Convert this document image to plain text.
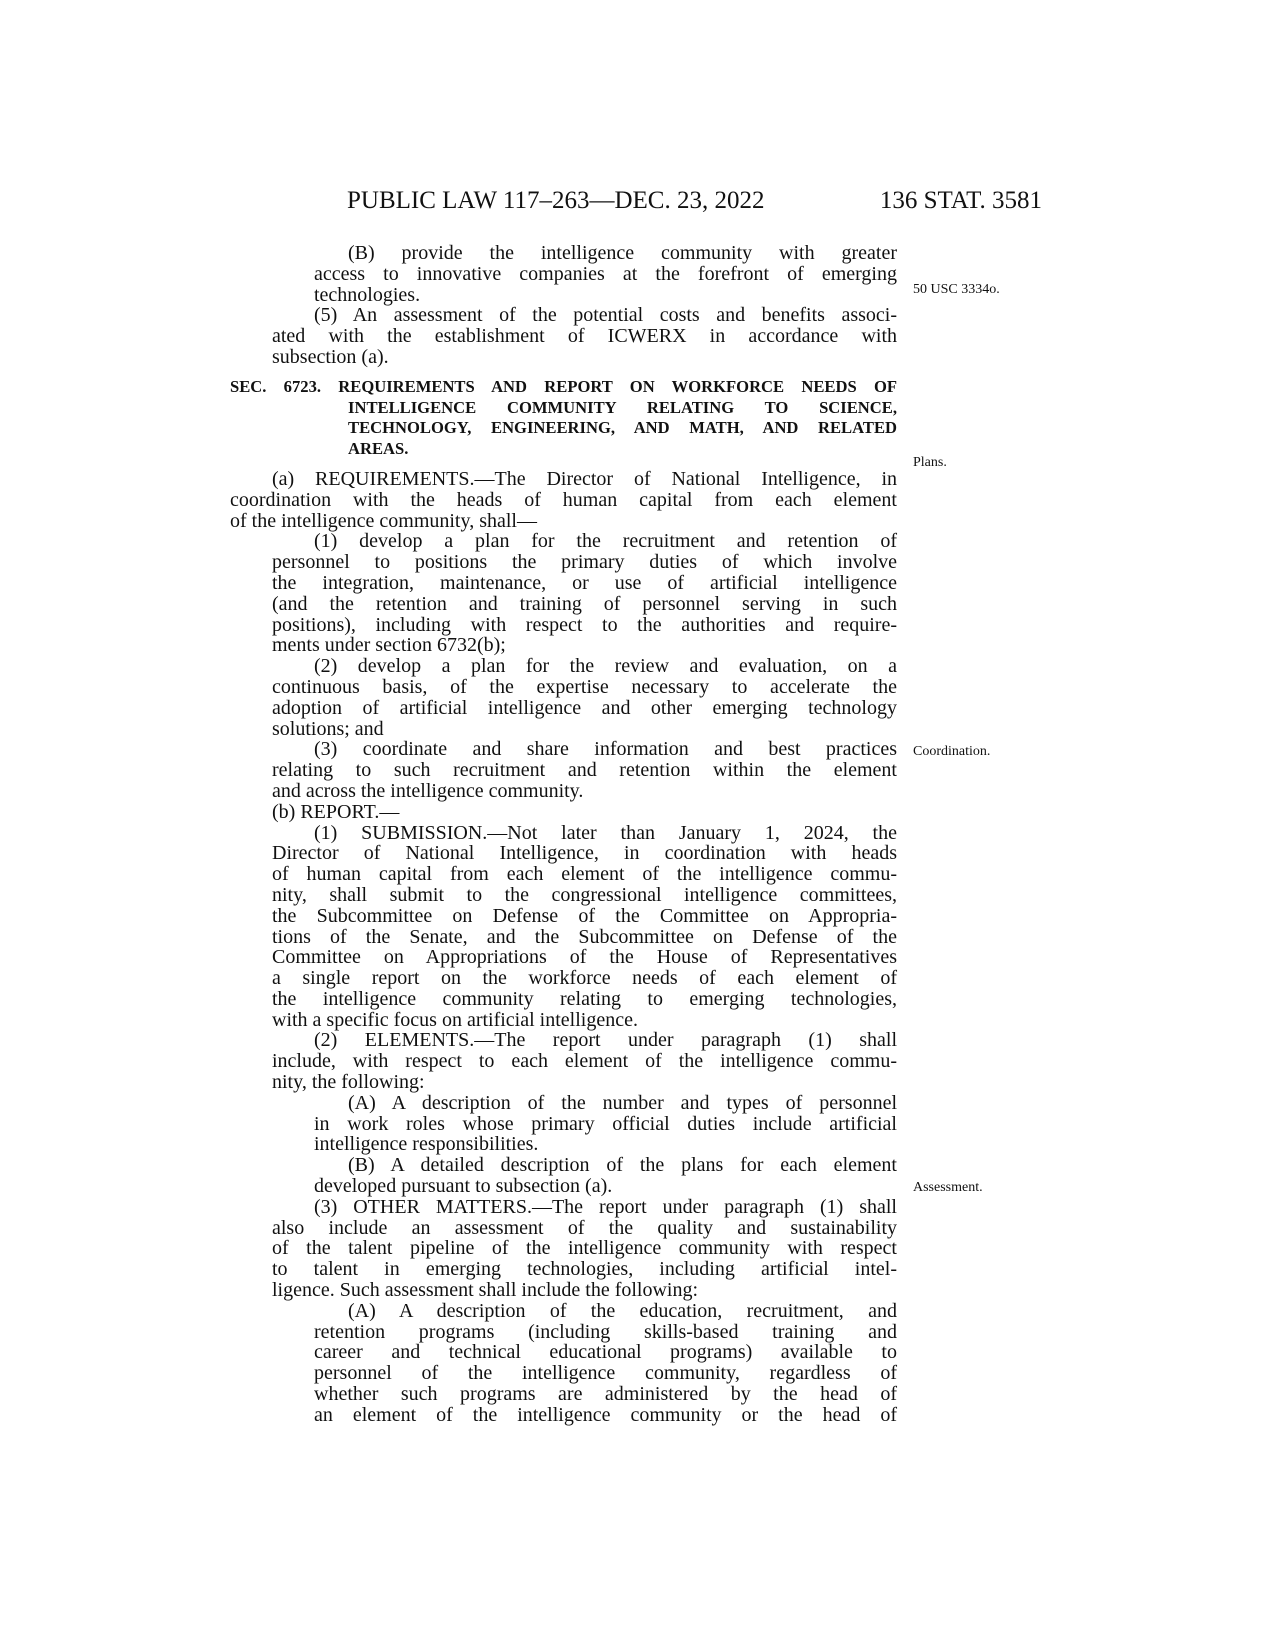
PUBLIC LAW 117–263—DEC. 23, 2022	136 STAT. 3581
50 USC 3334o.
Plans.
Coordination.
Assessment.
(B) provide the intelligence community with greater
access to innovative companies at the forefront of emerging
technologies.
(5) An assessment of the potential costs and benefits associ-
ated with the establishment of ICWERX in accordance with
subsection (a).
SEC. 6723. REQUIREMENTS AND REPORT ON WORKFORCE NEEDS OF
INTELLIGENCE COMMUNITY RELATING TO SCIENCE,
TECHNOLOGY, ENGINEERING, AND MATH, AND RELATED
AREAS.
(a) REQUIREMENTS.—The Director of National Intelligence, in
coordination with the heads of human capital from each element
of the intelligence community, shall—
(1) develop a plan for the recruitment and retention of
personnel to positions the primary duties of which involve
the integration, maintenance, or use of artificial intelligence
(and the retention and training of personnel serving in such
positions), including with respect to the authorities and require-
ments under section 6732(b);
(2) develop a plan for the review and evaluation, on a
continuous basis, of the expertise necessary to accelerate the
adoption of artificial intelligence and other emerging technology
solutions; and
(3) coordinate and share information and best practices
relating to such recruitment and retention within the element
and across the intelligence community.
(b) REPORT.—
(1) SUBMISSION.—Not later than January 1, 2024, the
Director of National Intelligence, in coordination with heads
of human capital from each element of the intelligence commu-
nity, shall submit to the congressional intelligence committees,
the Subcommittee on Defense of the Committee on Appropria-
tions of the Senate, and the Subcommittee on Defense of the
Committee on Appropriations of the House of Representatives
a single report on the workforce needs of each element of
the intelligence community relating to emerging technologies,
with a specific focus on artificial intelligence.
(2) ELEMENTS.—The report under paragraph (1) shall
include, with respect to each element of the intelligence commu-
nity, the following:
(A) A description of the number and types of personnel
in work roles whose primary official duties include artificial
intelligence responsibilities.
(B) A detailed description of the plans for each element
developed pursuant to subsection (a).
(3) OTHER MATTERS.—The report under paragraph (1) shall
also include an assessment of the quality and sustainability
of the talent pipeline of the intelligence community with respect
to talent in emerging technologies, including artificial intel-
ligence. Such assessment shall include the following:
(A) A description of the education, recruitment, and
retention programs (including skills-based training and
career and technical educational programs) available to
personnel of the intelligence community, regardless of
whether such programs are administered by the head of
an element of the intelligence community or the head of
